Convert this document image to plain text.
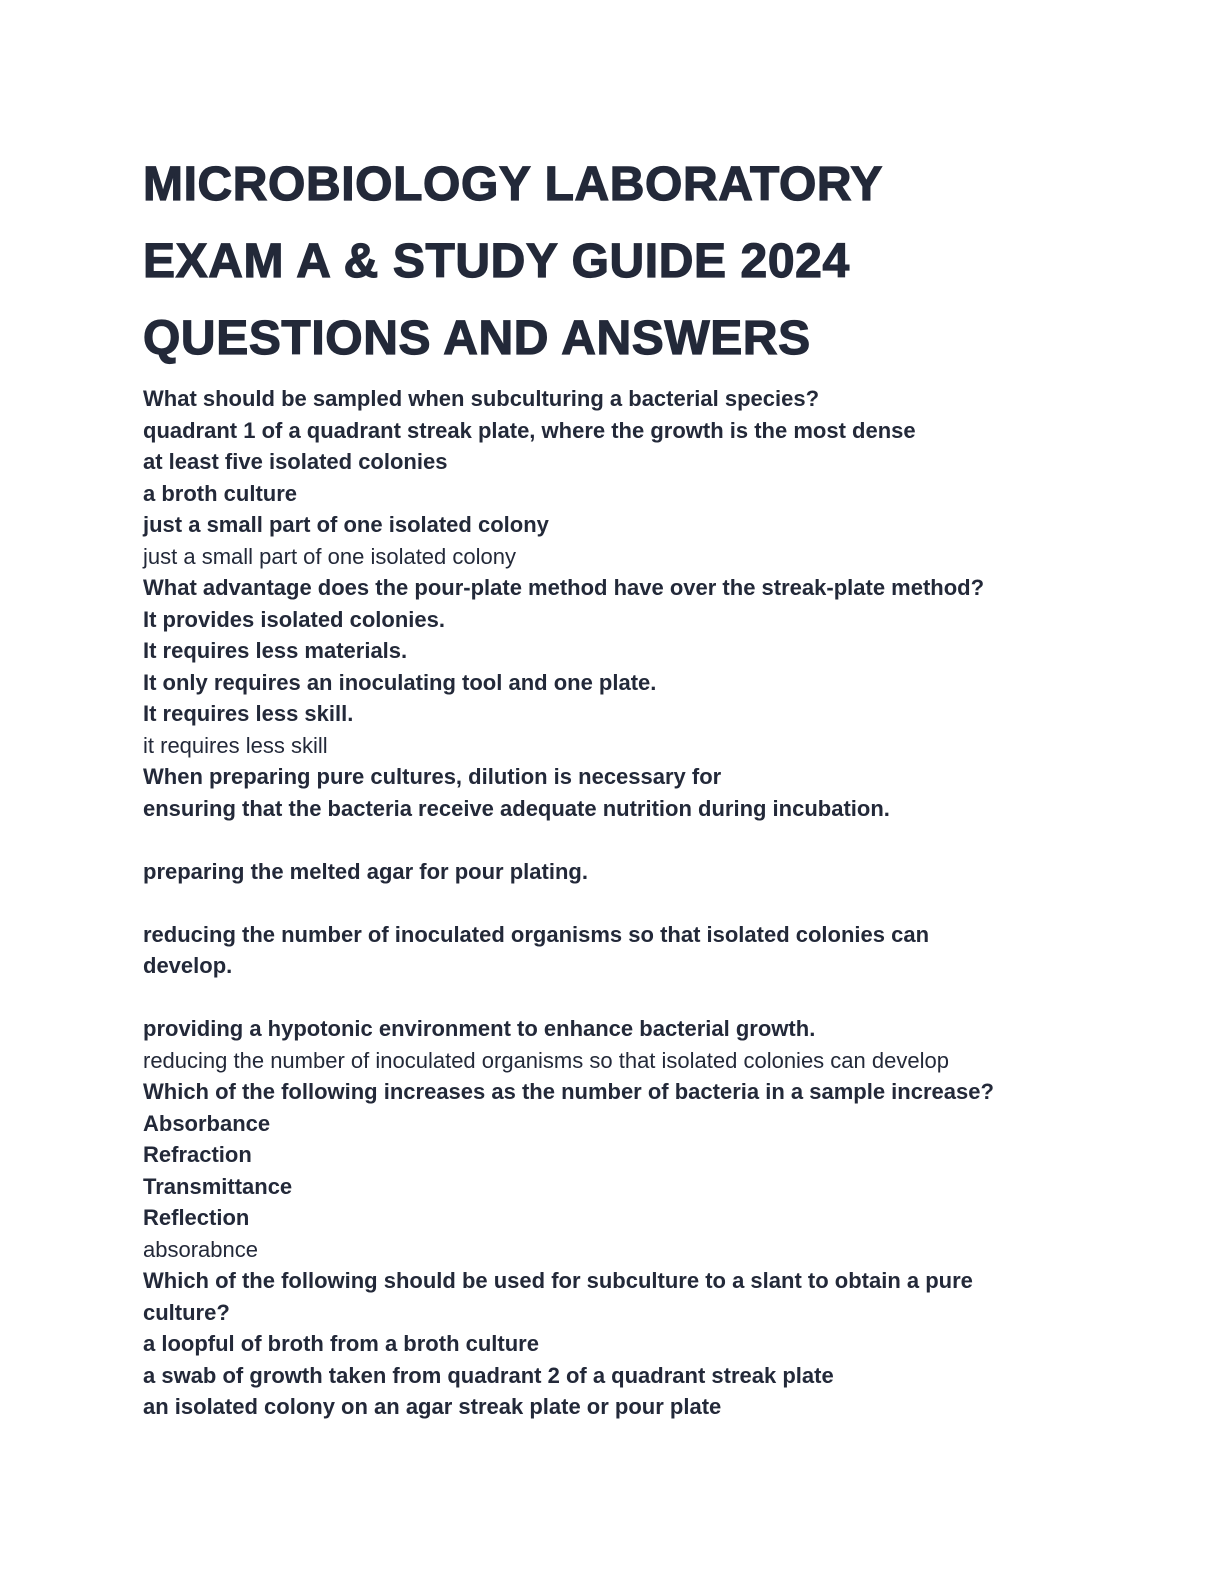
MICROBIOLOGY LABORATORY
EXAM A & STUDY GUIDE 2024
QUESTIONS AND ANSWERS

What should be sampled when subculturing a bacterial species?

quadrant 1 of a quadrant streak plate, where the growth is the most dense

at least five isolated colonies

a broth culture

just a small part of one isolated colony

just a small part of one isolated colony

What advantage does the pour-plate method have over the streak-plate method?

It provides isolated colonies.

It requires less materials.

It only requires an inoculating tool and one plate.

It requires less skill.

it requires less skill

When preparing pure cultures, dilution is necessary for

ensuring that the bacteria receive adequate nutrition during incubation.

preparing the melted agar for pour plating.

reducing the number of inoculated organisms so that isolated colonies can develop.

providing a hypotonic environment to enhance bacterial growth.

reducing the number of inoculated organisms so that isolated colonies can develop

Which of the following increases as the number of bacteria in a sample increase?

Absorbance

Refraction

Transmittance

Reflection

absorabnce

Which of the following should be used for subculture to a slant to obtain a pure culture?

a loopful of broth from a broth culture

a swab of growth taken from quadrant 2 of a quadrant streak plate

an isolated colony on an agar streak plate or pour plate
